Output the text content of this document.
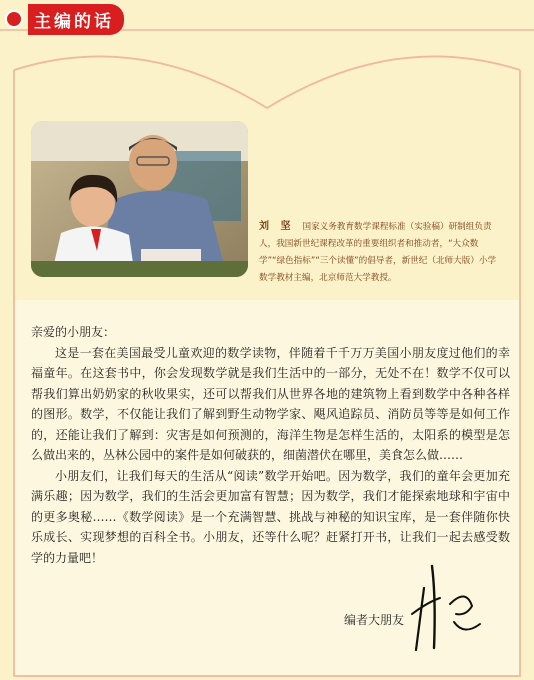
主编的话
刘 坚 国家义务教育数学课程标准（实验稿）研制组负责人，我国新世纪课程改革的重要组织者和推动者，“大众数学”“绿色指标”“三个读懂”的倡导者，新世纪（北师大版）小学数学教材主编，北京师范大学教授。

亲爱的小朋友：

这是一套在美国最受儿童欢迎的数学读物，伴随着千千万万美国小朋友度过他们的幸福童年。在这套书中，你会发现数学就是我们生活中的一部分，无处不在！数学不仅可以帮我们算出奶奶家的秋收果实，还可以帮我们从世界各地的建筑物上看到数学中各种各样的图形。数学，不仅能让我们了解到野生动物学家、飓风追踪员、消防员等等是如何工作的，还能让我们了解到：灾害是如何预测的，海洋生物是怎样生活的，太阳系的模型是怎么做出来的，丛林公园中的案件是如何破获的，细菌潜伏在哪里，美食怎么做……

小朋友们，让我们每天的生活从“阅读”数学开始吧。因为数学，我们的童年会更加充满乐趣；因为数学，我们的生活会更加富有智慧；因为数学，我们才能探索地球和宇宙中的更多奥秘……《数学阅读》是一个充满智慧、挑战与神秘的知识宝库，是一套伴随你快乐成长、实现梦想的百科全书。小朋友，还等什么呢？赶紧打开书，让我们一起去感受数学的力量吧！

编者大朋友
